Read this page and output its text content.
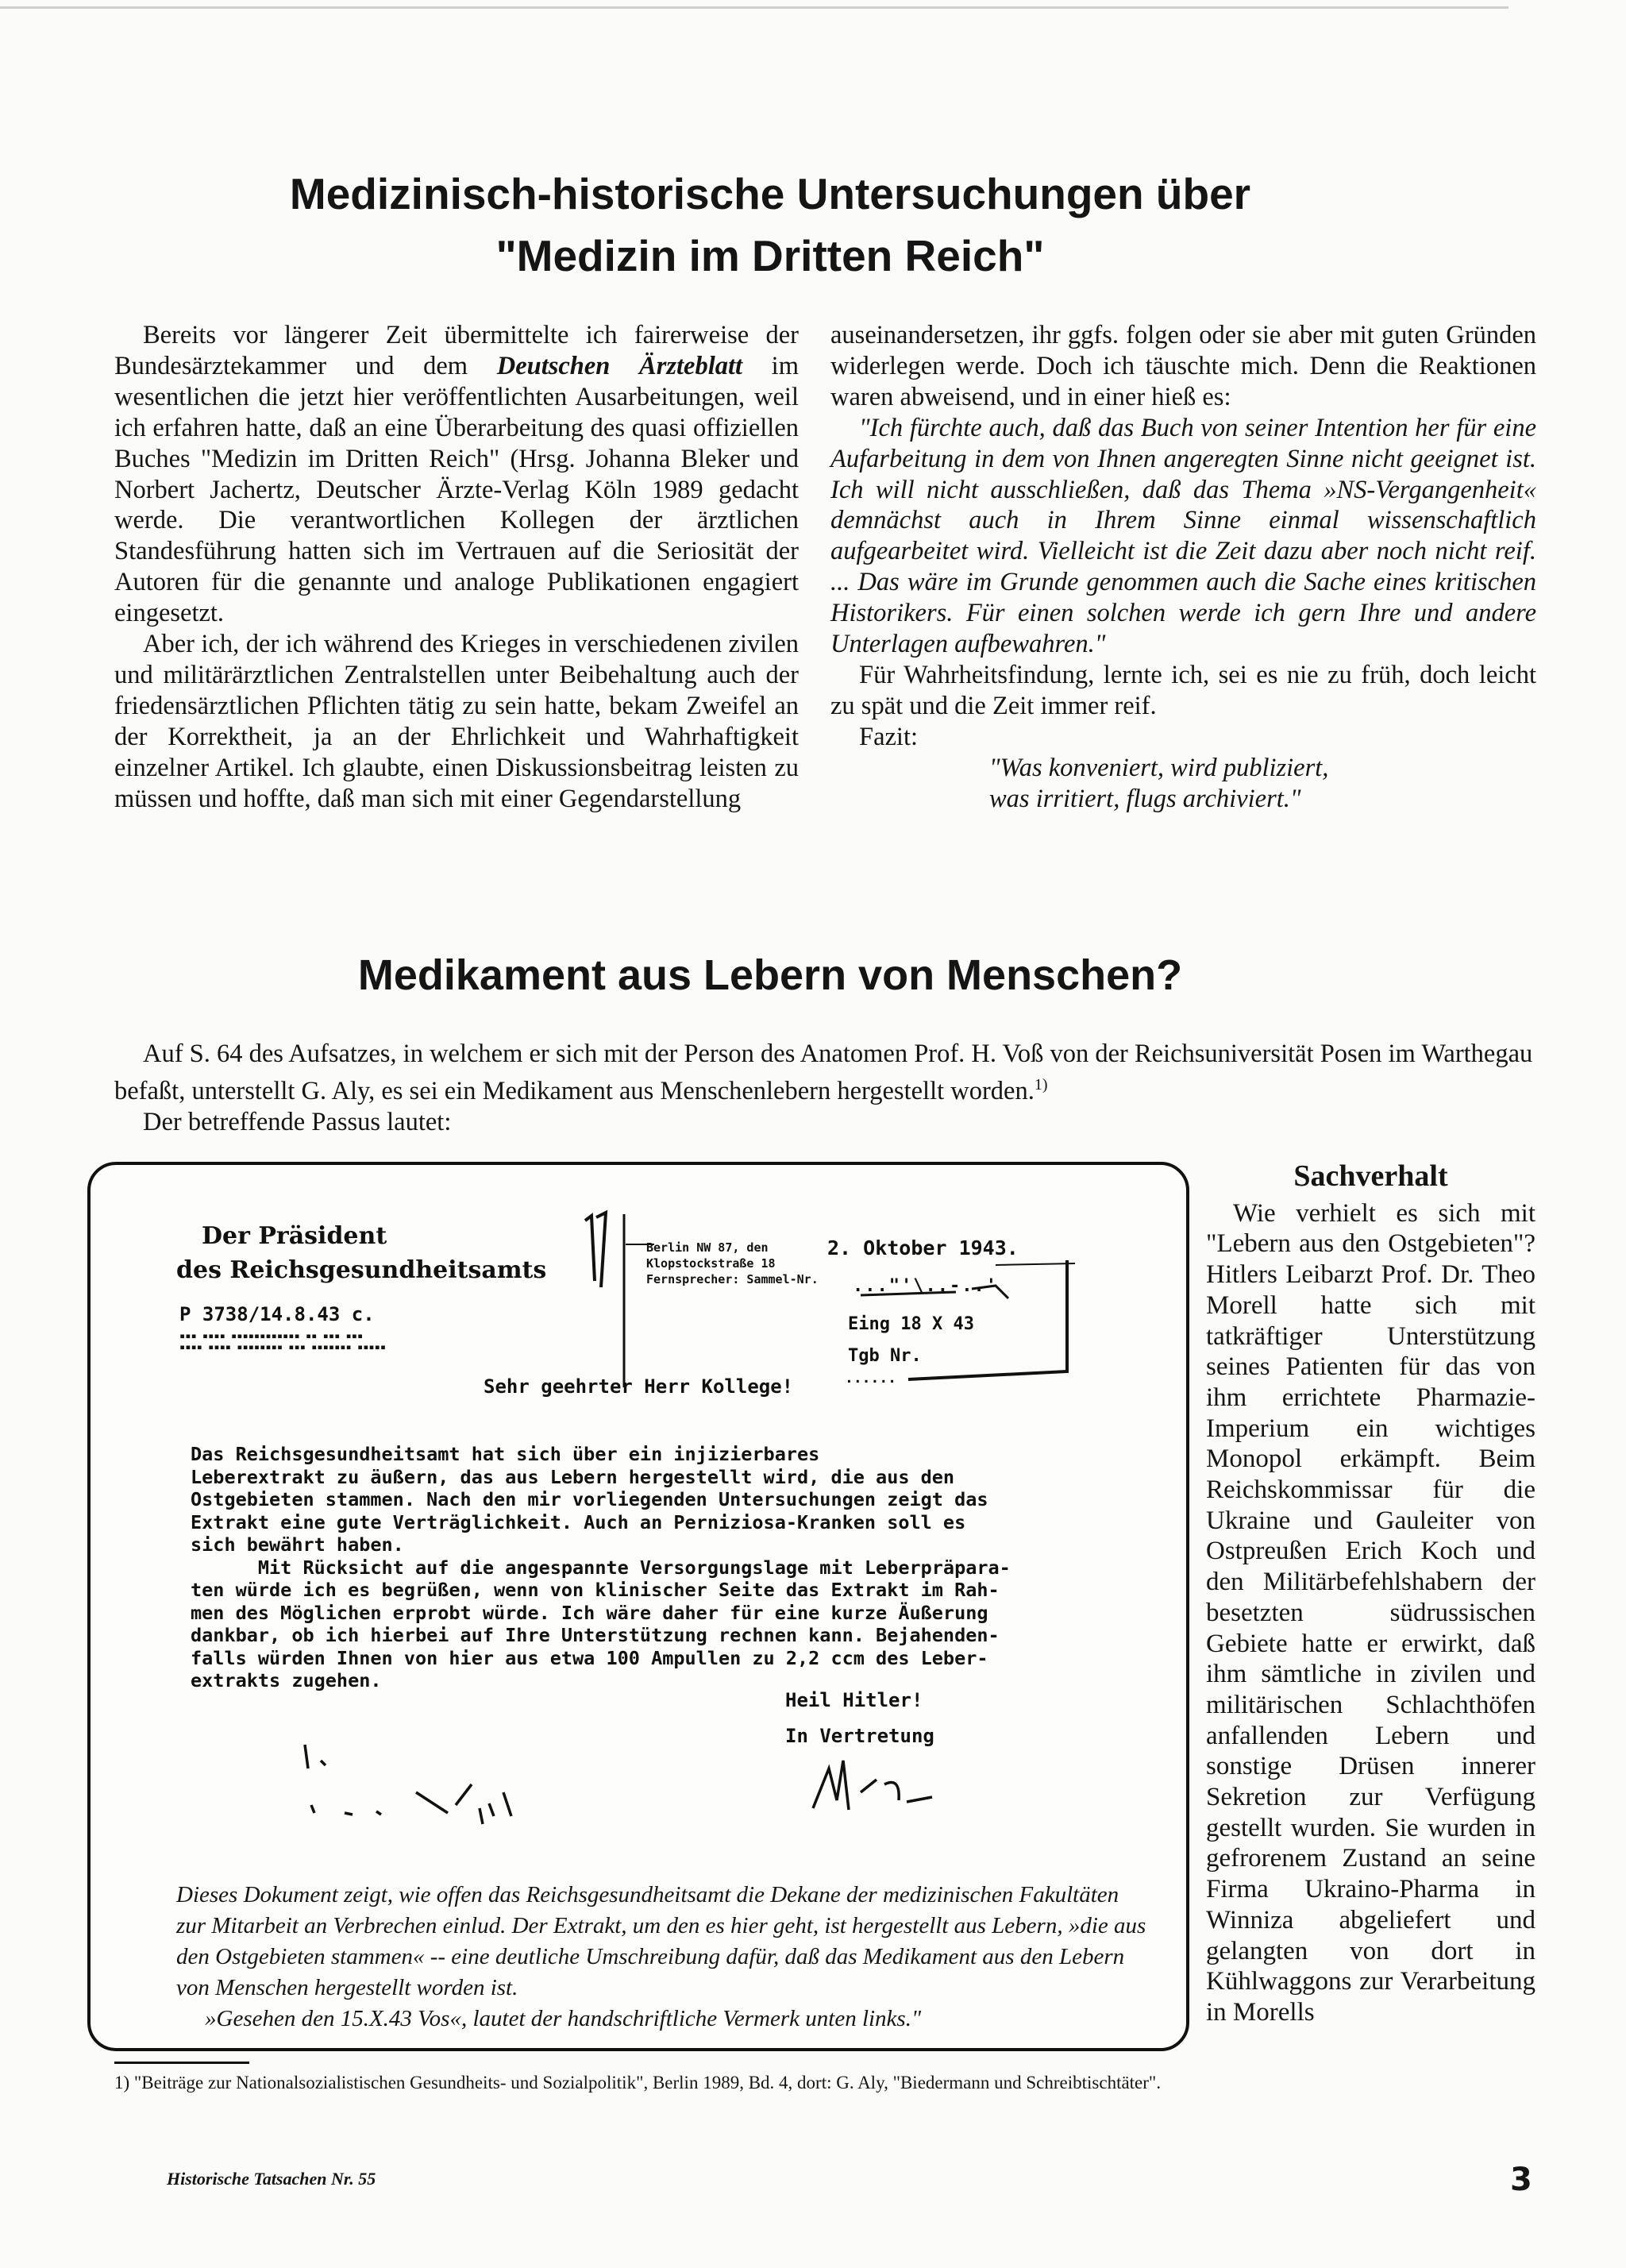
Medizinisch-historische Untersuchungen über
"Medizin im Dritten Reich"

Bereits vor längerer Zeit übermittelte ich fairerweise der Bundesärztekammer und dem Deutschen Ärzteblatt im wesentlichen die jetzt hier veröffentlichten Ausarbeitungen, weil ich erfahren hatte, daß an eine Überarbeitung des quasi offiziellen Buches "Medizin im Dritten Reich" (Hrsg. Johanna Bleker und Norbert Jachertz, Deutscher Ärzte-Verlag Köln 1989 gedacht werde. Die verantwortlichen Kollegen der ärztlichen Standesführung hatten sich im Vertrauen auf die Seriosität der Autoren für die genannte und analoge Publikationen engagiert eingesetzt.

Aber ich, der ich während des Krieges in verschiedenen zivilen und militärärztlichen Zentralstellen unter Beibehaltung auch der friedensärztlichen Pflichten tätig zu sein hatte, bekam Zweifel an der Korrektheit, ja an der Ehrlichkeit und Wahrhaftigkeit einzelner Artikel. Ich glaubte, einen Diskussionsbeitrag leisten zu müssen und hoffte, daß man sich mit einer Gegendarstellung

auseinandersetzen, ihr ggfs. folgen oder sie aber mit guten Gründen widerlegen werde. Doch ich täuschte mich. Denn die Reaktionen waren abweisend, und in einer hieß es:

"Ich fürchte auch, daß das Buch von seiner Intention her für eine Aufarbeitung in dem von Ihnen angeregten Sinne nicht geeignet ist. Ich will nicht ausschließen, daß das Thema »NS-Vergangenheit« demnächst auch in Ihrem Sinne einmal wissenschaftlich aufgearbeitet wird. Vielleicht ist die Zeit dazu aber noch nicht reif. ... Das wäre im Grunde genommen auch die Sache eines kritischen Historikers. Für einen solchen werde ich gern Ihre und andere Unterlagen aufbewahren."

Für Wahrheitsfindung, lernte ich, sei es nie zu früh, doch leicht zu spät und die Zeit immer reif.

Fazit:

"Was konveniert, wird publiziert,

was irritiert, flugs archiviert."

Medikament aus Lebern von Menschen?

Auf S. 64 des Aufsatzes, in welchem er sich mit der Person des Anatomen Prof. H. Voß von der Reichsuniversität Posen im Warthegau befaßt, unterstellt G. Aly, es sei ein Medikament aus Menschenlebern hergestellt worden.$^{1)}$

Der betreffende Passus lautet:

Der Präsident
des Reichsgesundheitsamts
P 3738/14.8.43 c.
▪▪▪ ▪▪▪▪ ▪▪▪▪▪▪▪▪▪▪▪▪ ▪▪ ▪▪▪ ▪▪▪
▪▪▪▪ ▪▪▪▪ ▪▪▪▪▪▪▪▪ ▪▪▪ ▪▪▪▪▪▪▪ ▪▪▪▪▪
Berlin NW 87, den
Klopstockstraße 18
Fernsprecher: Sammel-Nr.
2. Oktober 1943.
..."'\..-..'
Eing 18 X 43
Tgb Nr.
......
Sehr geehrter Herr Kollege!
Das Reichsgesundheitsamt hat sich über ein injizierbares
Leberextrakt zu äußern, das aus Lebern hergestellt wird, die aus den
Ostgebieten stammen. Nach den mir vorliegenden Untersuchungen zeigt das
Extrakt eine gute Verträglichkeit. Auch an Perniziosa-Kranken soll es
sich bewährt haben.
Mit Rücksicht auf die angespannte Versorgungslage mit Leberpräpara-
ten würde ich es begrüßen, wenn von klinischer Seite das Extrakt im Rah-
men des Möglichen erprobt würde. Ich wäre daher für eine kurze Äußerung
dankbar, ob ich hierbei auf Ihre Unterstützung rechnen kann. Bejahenden-
falls würden Ihnen von hier aus etwa 100 Ampullen zu 2,2 ccm des Leber-
extrakts zugehen.
Heil Hitler!
In Vertretung

Dieses Dokument zeigt, wie offen das Reichsgesundheitsamt die Dekane der medizinischen Fakultäten zur Mitarbeit an Verbrechen einlud. Der Extrakt, um den es hier geht, ist hergestellt aus Lebern, »die aus den Ostgebieten stammen« -- eine deutliche Umschreibung dafür, daß das Medikament aus den Lebern von Menschen hergestellt worden ist.

»Gesehen den 15.X.43 Vos«, lautet der handschriftliche Vermerk unten links."

Sachverhalt

Wie verhielt es sich mit "Lebern aus den Ostgebieten"? Hitlers Leibarzt Prof. Dr. Theo Morell hatte sich mit tatkräftiger Unterstützung seines Patienten für das von ihm errichtete Pharmazie-Imperium ein wichtiges Monopol erkämpft. Beim Reichskommissar für die Ukraine und Gauleiter von Ostpreußen Erich Koch und den Militärbefehlshabern der besetzten südrussischen Gebiete hatte er erwirkt, daß ihm sämtliche in zivilen und militärischen Schlachthöfen anfallenden Lebern und sonstige Drüsen innerer Sekretion zur Verfügung gestellt wurden. Sie wurden in gefrorenem Zustand an seine Firma Ukraino-Pharma in Winniza abgeliefert und gelangten von dort in Kühlwaggons zur Verarbeitung in Morells

1) "Beiträge zur Nationalsozialistischen Gesundheits- und Sozialpolitik", Berlin 1989, Bd. 4, dort: G. Aly, "Biedermann und Schreibtischtäter".

Historische Tatsachen Nr. 55	3
